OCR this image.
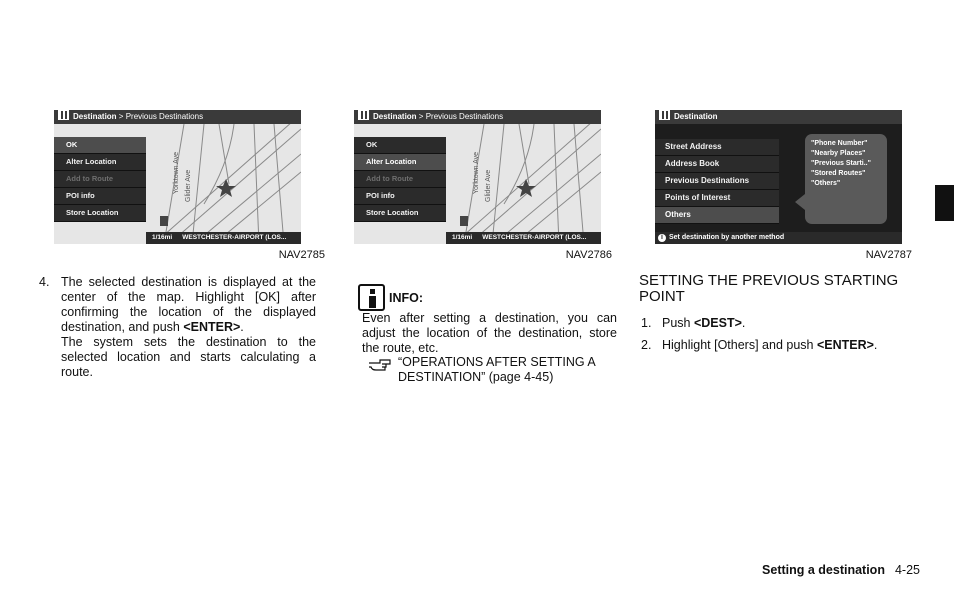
Yorktown Ave Glider Ave
Destination > Previous Destinations
OK
Alter Location
Add to Route
POI info
Store Location
1/16mi WESTCHESTER-AIRPORT (LOS...
NAV2785
Yorktown Ave Glider Ave
Destination > Previous Destinations
OK
Alter Location
Add to Route
POI info
Store Location
1/16mi WESTCHESTER-AIRPORT (LOS...
NAV2786
Destination
Street Address
Address Book
Previous Destinations
Points of Interest
Others
"Phone Number"
"Nearby Places"
"Previous Starti.."
"Stored Routes"
"Others"
i Set destination by another method
NAV2787
4. The selected destination is displayed at the center of the map. Highlight [OK] after confirming the location of the displayed destination, and push <ENTER>.
The system sets the destination to the selected location and starts calculating a route.
INFO:
Even after setting a destination, you can adjust the location of the destination, store the route, etc.
“OPERATIONS AFTER SETTING A DESTINATION” (page 4-45)
SETTING THE PREVIOUS STARTING POINT
1. Push <DEST>.
2. Highlight [Others] and push <ENTER>.
Setting a destination 4-25
